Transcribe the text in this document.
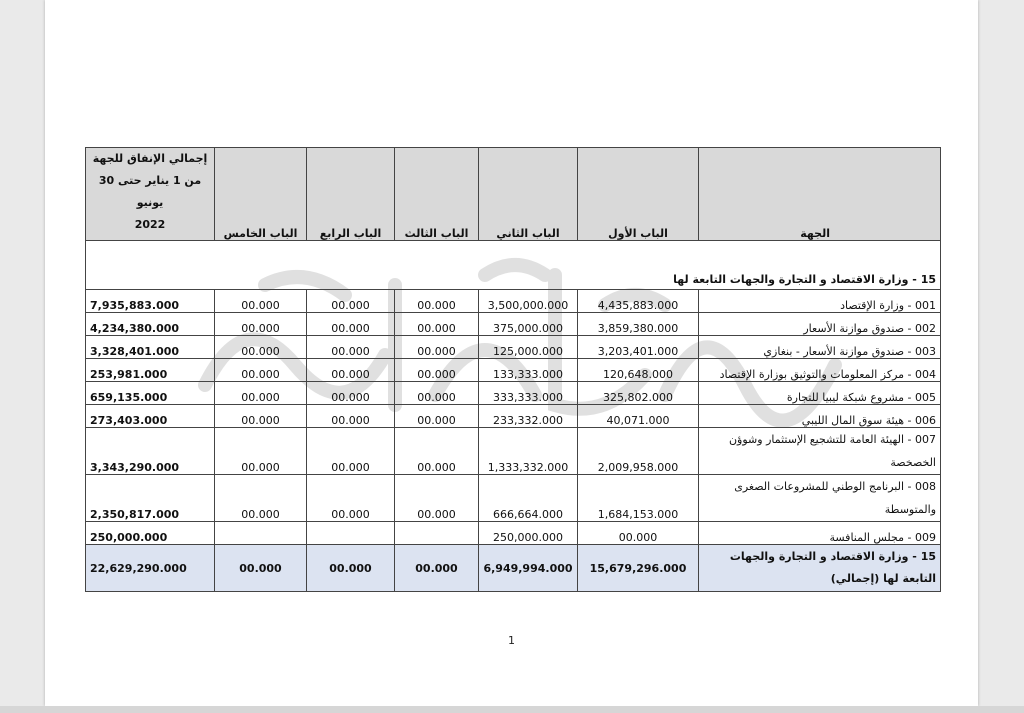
الجهة	الباب الأول	الباب الثاني	الباب الثالث	الباب الرابع	الباب الخامس	إجمالي الإنفاق للجهة
من 1 يناير حتى 30 يونيو
2022

15 - وزارة الاقتصاد و التجارة والجهات التابعة لها						
001 - وزارة الإقتصاد	4,435,883.000	3,500,000.000	00.000	00.000	00.000	7,935,883.000
002 - صندوق موازنة الأسعار	3,859,380.000	375,000.000	00.000	00.000	00.000	4,234,380.000
003 - صندوق موازنة الأسعار - بنغازي	3,203,401.000	125,000.000	00.000	00.000	00.000	3,328,401.000
004 - مركز المعلومات والتوثيق بوزارة الإقتصاد	120,648.000	133,333.000	00.000	00.000	00.000	253,981.000
005 - مشروع شبكة ليبيا للتجارة	325,802.000	333,333.000	00.000	00.000	00.000	659,135.000
006 - هيئة سوق المال الليبي	40,071.000	233,332.000	00.000	00.000	00.000	273,403.000
007 - الهيئة العامة للتشجيع الإستثمار وشوؤن الخصخصة	2,009,958.000	1,333,332.000	00.000	00.000	00.000	3,343,290.000
008 - البرنامج الوطني للمشروعات الصغرى والمتوسطة	1,684,153.000	666,664.000	00.000	00.000	00.000	2,350,817.000
009 - مجلس المنافسة	00.000	250,000.000				250,000.000
15 - وزارة الاقتصاد و التجارة والجهات التابعة لها (إجمالي)	15,679,296.000	6,949,994.000	00.000	00.000	00.000	22,629,290.000
1
